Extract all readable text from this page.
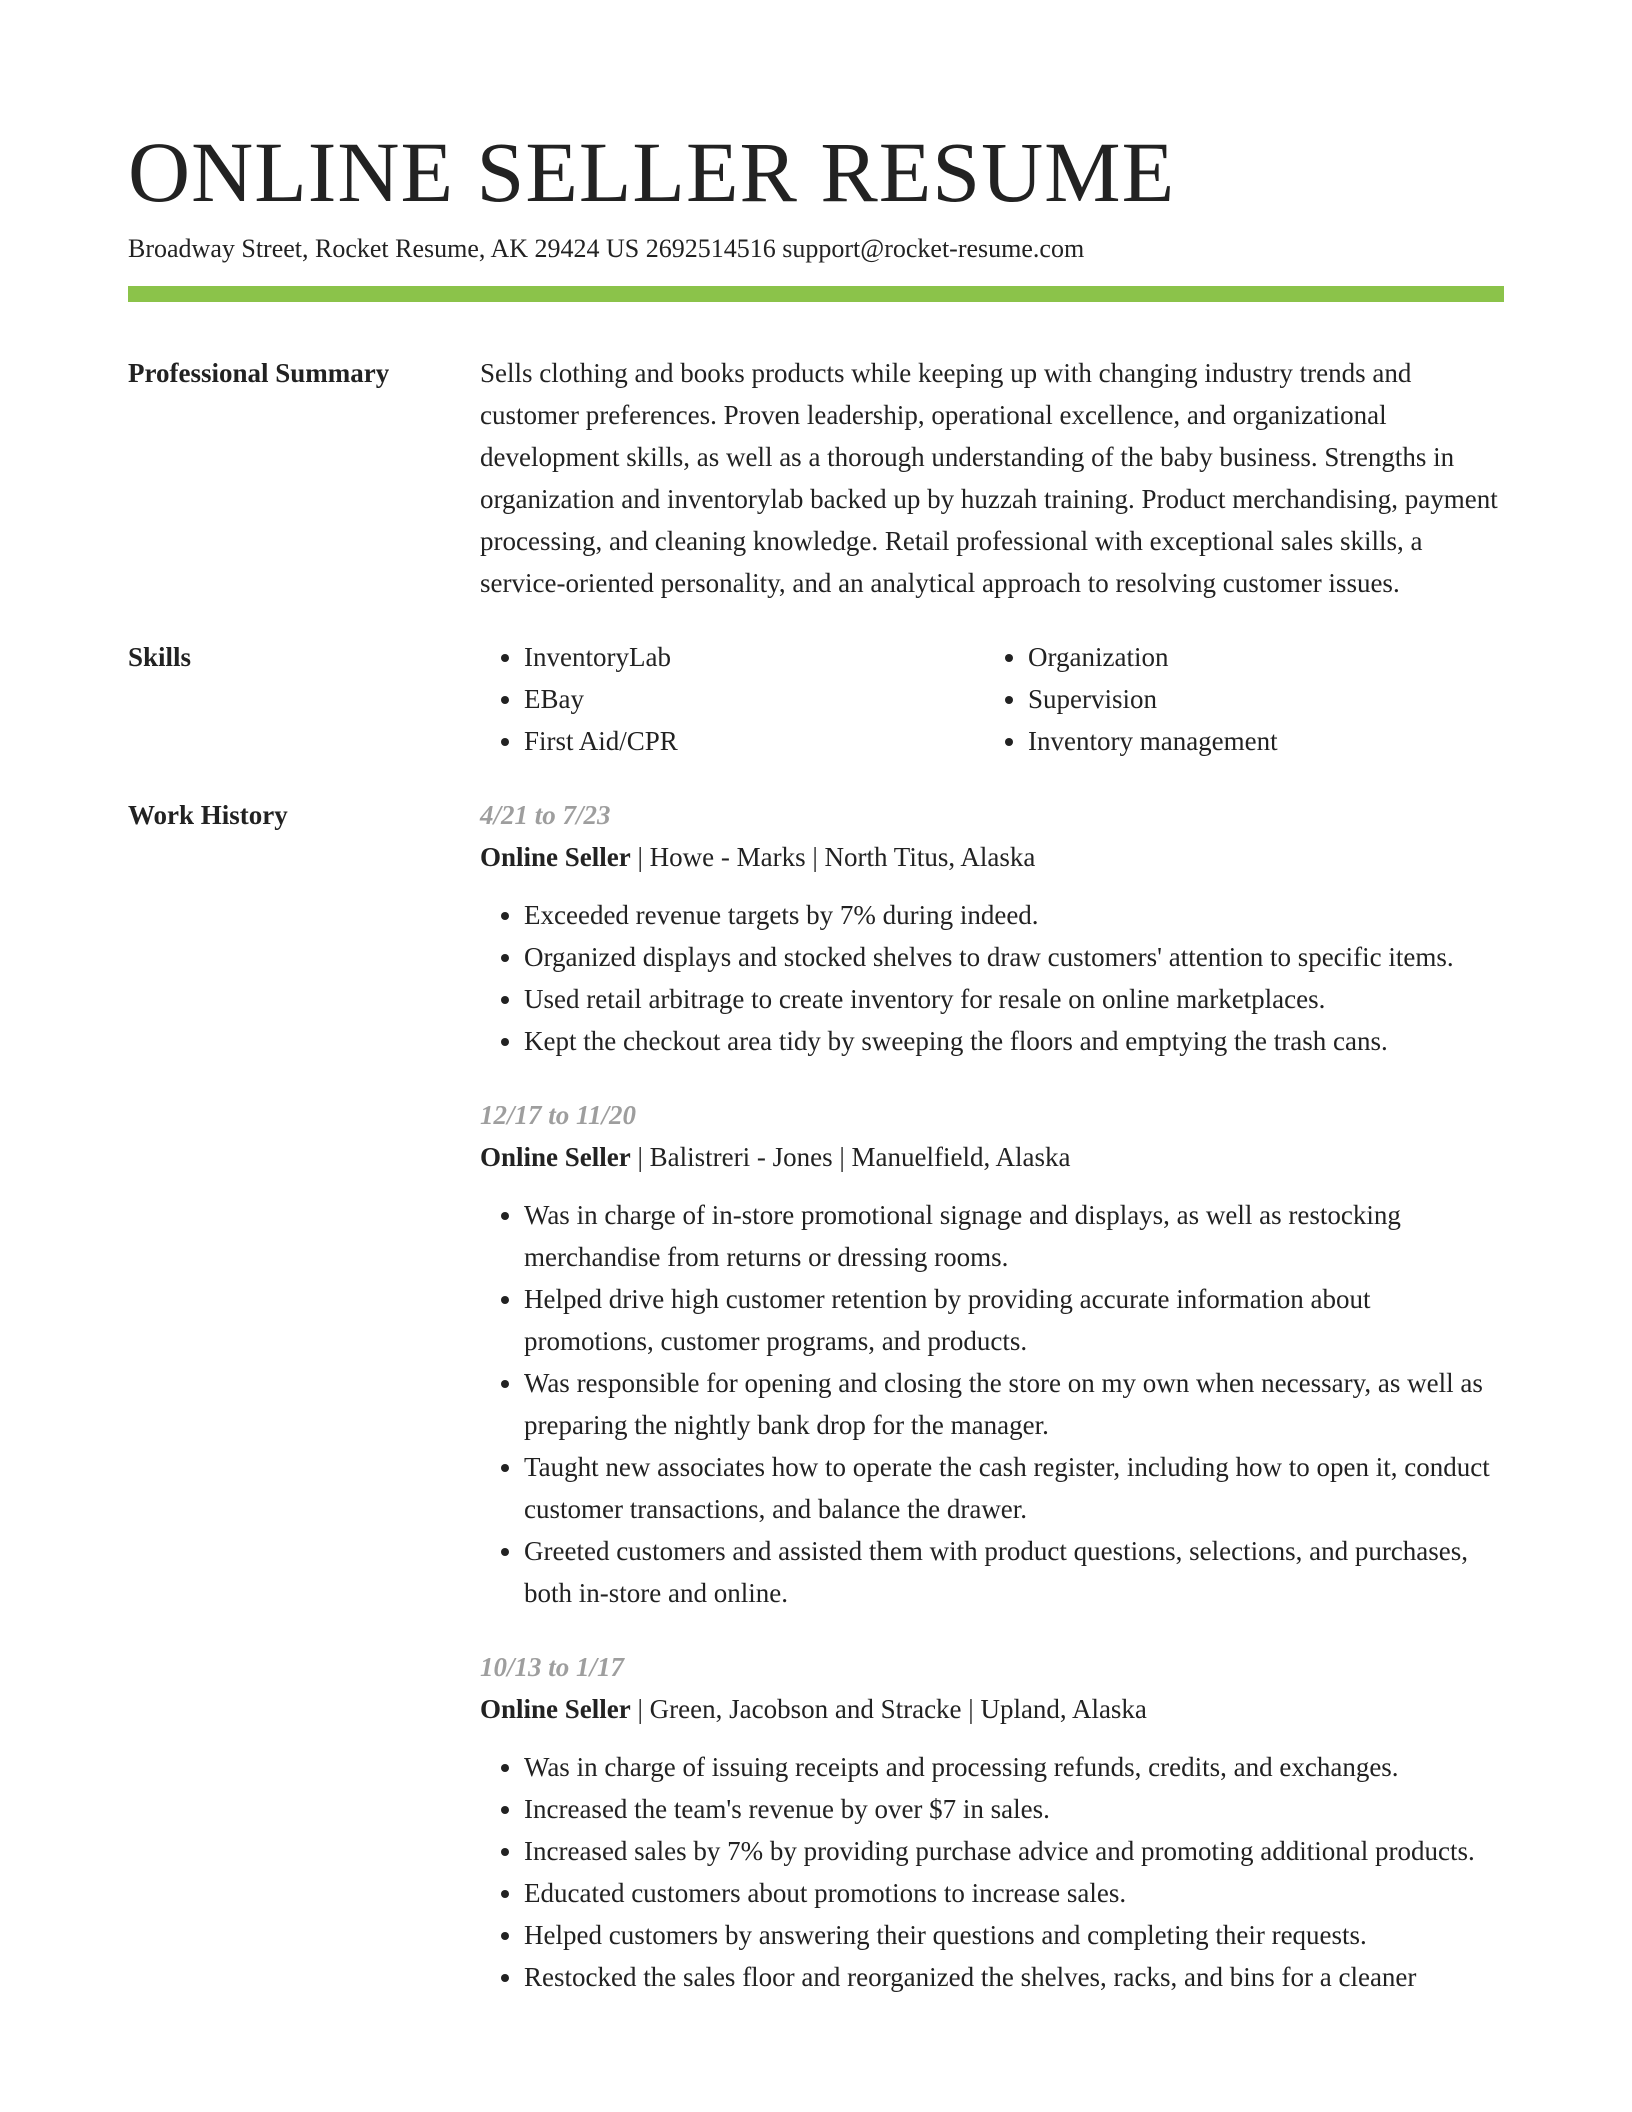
ONLINE SELLER RESUME
Broadway Street, Rocket Resume, AK 29424 US 2692514516 support@rocket-resume.com
Professional Summary	Sells clothing and books products while keeping up with changing industry trends and customer preferences. Proven leadership, operational excellence, and organizational development skills, as well as a thorough understanding of the baby business. Strengths in organization and inventorylab backed up by huzzah training. Product merchandising, payment processing, and cleaning knowledge. Retail professional with exceptional sales skills, a service-oriented personality, and an analytical approach to resolving customer issues.

Skills
•	InventoryLab
• EBay
• First Aid/CPR
• Organization
• Supervision
• Inventory management
Work History	4/21 to 7/23
Online Seller | Howe - Marks | North Titus, Alaska
• Exceeded revenue targets by 7% during indeed.
• Organized displays and stocked shelves to draw customers' attention to specific items.
• Used retail arbitrage to create inventory for resale on online marketplaces.
• Kept the checkout area tidy by sweeping the floors and emptying the trash cans.
12/17 to 11/20
Online Seller | Balistreri - Jones | Manuelfield, Alaska
• Was in charge of in-store promotional signage and displays, as well as restocking merchandise from returns or dressing rooms.
• Helped drive high customer retention by providing accurate information about promotions, customer programs, and products.
• Was responsible for opening and closing the store on my own when necessary, as well as preparing the nightly bank drop for the manager.
• Taught new associates how to operate the cash register, including how to open it, conduct customer transactions, and balance the drawer.
• Greeted customers and assisted them with product questions, selections, and purchases, both in-store and online.
10/13 to 1/17
Online Seller | Green, Jacobson and Stracke | Upland, Alaska
• Was in charge of issuing receipts and processing refunds, credits, and exchanges.
• Increased the team's revenue by over $7 in sales.
• Increased sales by 7% by providing purchase advice and promoting additional products.
• Educated customers about promotions to increase sales.
• Helped customers by answering their questions and completing their requests.
• Restocked the sales floor and reorganized the shelves, racks, and bins for a cleaner
